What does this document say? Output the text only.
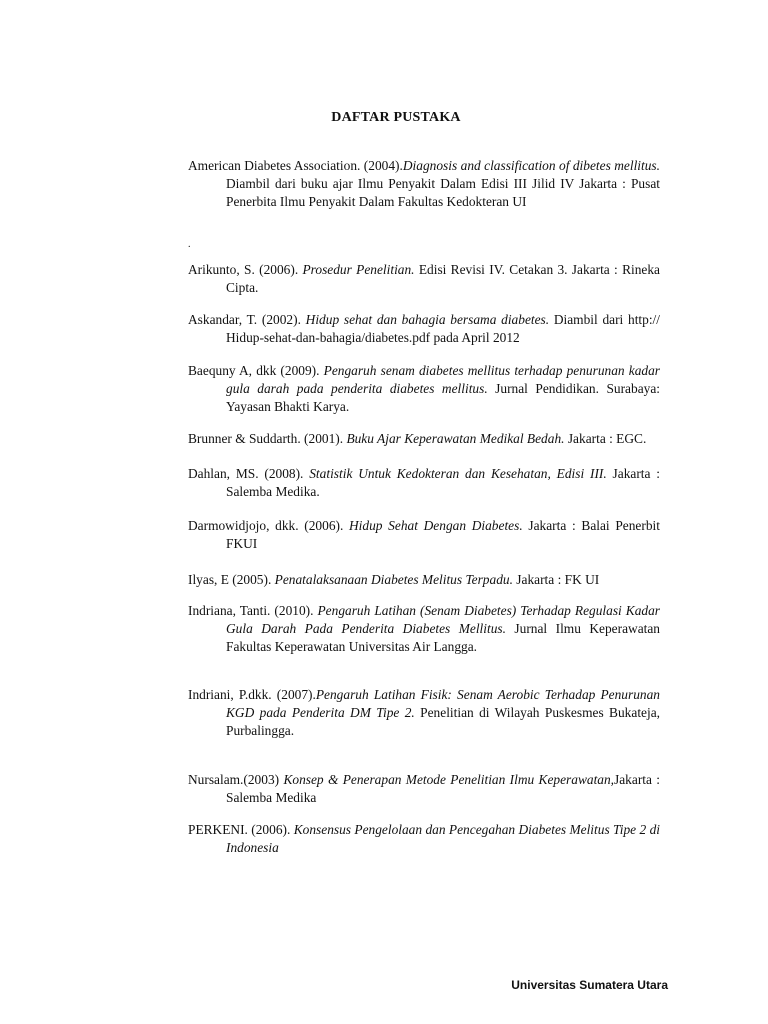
DAFTAR PUSTAKA
American Diabetes Association. (2004).Diagnosis and classification of dibetes mellitus. Diambil dari buku ajar Ilmu Penyakit Dalam Edisi III Jilid IV Jakarta : Pusat Penerbita Ilmu Penyakit Dalam Fakultas Kedokteran UI
.
Arikunto, S. (2006). Prosedur Penelitian. Edisi Revisi IV. Cetakan 3. Jakarta : Rineka Cipta.
Askandar, T. (2002). Hidup sehat dan bahagia bersama diabetes. Diambil dari http:// Hidup-sehat-dan-bahagia/diabetes.pdf pada April 2012
Baequny A, dkk (2009). Pengaruh senam diabetes mellitus terhadap penurunan kadar gula darah pada penderita diabetes mellitus. Jurnal Pendidikan. Surabaya: Yayasan Bhakti Karya.
Brunner & Suddarth. (2001). Buku Ajar Keperawatan Medikal Bedah. Jakarta : EGC.
Dahlan, MS. (2008). Statistik Untuk Kedokteran dan Kesehatan, Edisi III. Jakarta : Salemba Medika.
Darmowidjojo, dkk. (2006). Hidup Sehat Dengan Diabetes. Jakarta : Balai Penerbit FKUI
Ilyas, E (2005). Penatalaksanaan Diabetes Melitus Terpadu. Jakarta : FK UI
Indriana, Tanti. (2010). Pengaruh Latihan (Senam Diabetes) Terhadap Regulasi Kadar Gula Darah Pada Penderita Diabetes Mellitus. Jurnal Ilmu Keperawatan Fakultas Keperawatan Universitas Air Langga.
Indriani, P.dkk. (2007).Pengaruh Latihan Fisik: Senam Aerobic Terhadap Penurunan KGD pada Penderita DM Tipe 2. Penelitian di Wilayah Puskesmes Bukateja, Purbalingga.
Nursalam.(2003) Konsep & Penerapan Metode Penelitian Ilmu Keperawatan,Jakarta : Salemba Medika
PERKENI. (2006). Konsensus Pengelolaan dan Pencegahan Diabetes Melitus Tipe 2 di Indonesia
Universitas Sumatera Utara
